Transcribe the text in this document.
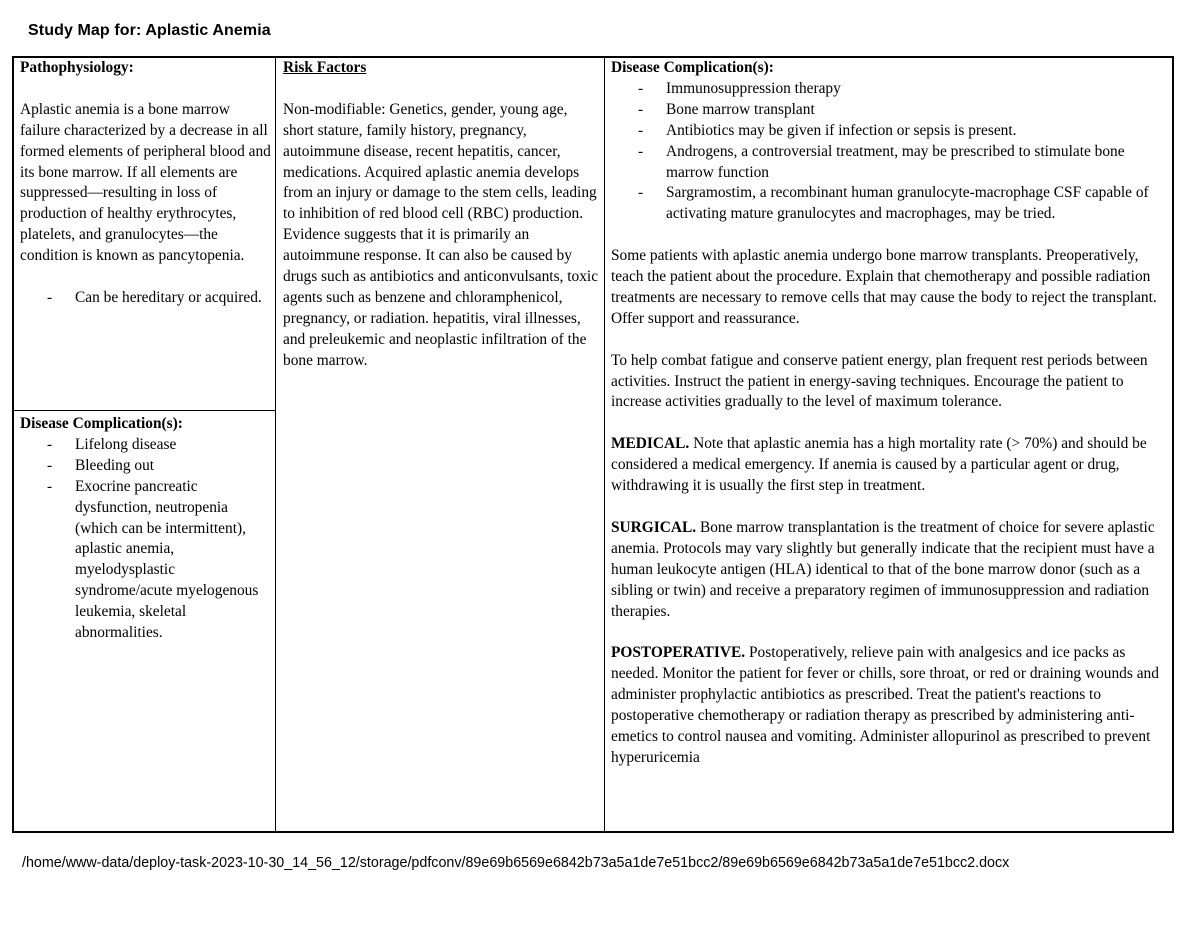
Study Map for: Aplastic Anemia

Pathophysiology:

Aplastic anemia is a bone marrow failure characterized by a decrease in all formed elements of peripheral blood and its bone marrow. If all elements are suppressed—resulting in loss of production of healthy erythrocytes, platelets, and granulocytes—the condition is known as pancytopenia.

- Can be hereditary or acquired.

Disease Complication(s):

- Lifelong disease
- Bleeding out
- Exocrine pancreatic dysfunction, neutropenia (which can be intermittent), aplastic anemia, myelodysplastic syndrome/acute myelogenous leukemia, skeletal abnormalities.

Risk Factors

Non-modifiable: Genetics, gender, young age, short stature, family history, pregnancy, autoimmune disease, recent hepatitis, cancer, medications. Acquired aplastic anemia develops from an injury or damage to the stem cells, leading to inhibition of red blood cell (RBC) production. Evidence suggests that it is primarily an autoimmune response. It can also be caused by drugs such as antibiotics and anticonvulsants, toxic agents such as benzene and chloramphenicol, pregnancy, or radiation. hepatitis, viral illnesses, and preleukemic and neoplastic infiltration of the bone marrow.

Disease Complication(s):

- Immunosuppression therapy
- Bone marrow transplant
- Antibiotics may be given if infection or sepsis is present.
- Androgens, a controversial treatment, may be prescribed to stimulate bone marrow function
- Sargramostim, a recombinant human granulocyte-macrophage CSF capable of activating mature granulocytes and macrophages, may be tried.

Some patients with aplastic anemia undergo bone marrow transplants. Preoperatively, teach the patient about the procedure. Explain that chemotherapy and possible radiation treatments are necessary to remove cells that may cause the body to reject the transplant. Offer support and reassurance.

To help combat fatigue and conserve patient energy, plan frequent rest periods between activities. Instruct the patient in energy-saving techniques. Encourage the patient to increase activities gradually to the level of maximum tolerance.

MEDICAL. Note that aplastic anemia has a high mortality rate (> 70%) and should be considered a medical emergency. If anemia is caused by a particular agent or drug, withdrawing it is usually the first step in treatment.

SURGICAL. Bone marrow transplantation is the treatment of choice for severe aplastic anemia. Protocols may vary slightly but generally indicate that the recipient must have a human leukocyte antigen (HLA) identical to that of the bone marrow donor (such as a sibling or twin) and receive a preparatory regimen of immunosuppression and radiation therapies.

POSTOPERATIVE. Postoperatively, relieve pain with analgesics and ice packs as needed. Monitor the patient for fever or chills, sore throat, or red or draining wounds and administer prophylactic antibiotics as prescribed. Treat the patient's reactions to postoperative chemotherapy or radiation therapy as prescribed by administering anti-emetics to control nausea and vomiting. Administer allopurinol as prescribed to prevent hyperuricemia

/home/www-data/deploy-task-2023-10-30_14_56_12/storage/pdfconv/89e69b6569e6842b73a5a1de7e51bcc2/89e69b6569e6842b73a5a1de7e51bcc2.docx
